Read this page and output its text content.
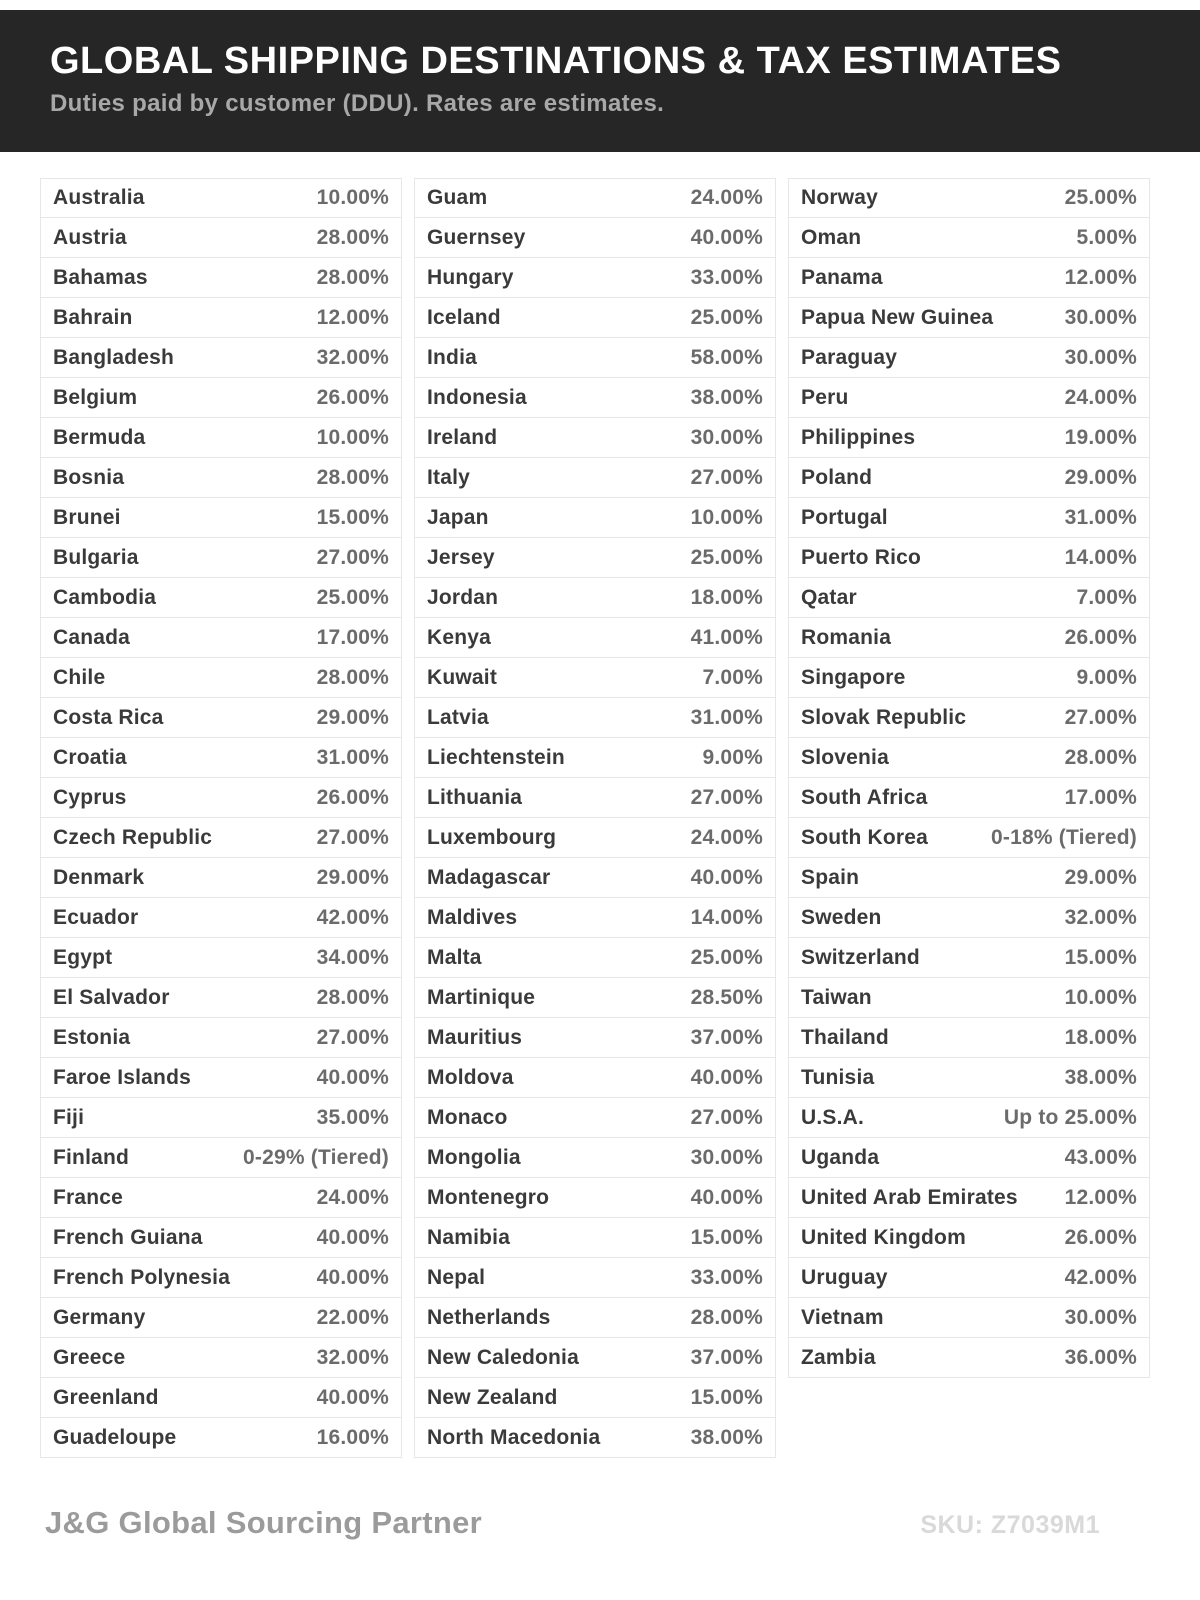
GLOBAL SHIPPING DESTINATIONS & TAX ESTIMATES
Duties paid by customer (DDU). Rates are estimates.
Australia	10.00%
Austria	28.00%
Bahamas	28.00%
Bahrain	12.00%
Bangladesh	32.00%
Belgium	26.00%
Bermuda	10.00%
Bosnia	28.00%
Brunei	15.00%
Bulgaria	27.00%
Cambodia	25.00%
Canada	17.00%
Chile	28.00%
Costa Rica	29.00%
Croatia	31.00%
Cyprus	26.00%
Czech Republic	27.00%
Denmark	29.00%
Ecuador	42.00%
Egypt	34.00%
El Salvador	28.00%
Estonia	27.00%
Faroe Islands	40.00%
Fiji	35.00%
Finland	0-29% (Tiered)
France	24.00%
French Guiana	40.00%
French Polynesia	40.00%
Germany	22.00%
Greece	32.00%
Greenland	40.00%
Guadeloupe	16.00%
Guam	24.00%
Guernsey	40.00%
Hungary	33.00%
Iceland	25.00%
India	58.00%
Indonesia	38.00%
Ireland	30.00%
Italy	27.00%
Japan	10.00%
Jersey	25.00%
Jordan	18.00%
Kenya	41.00%
Kuwait	7.00%
Latvia	31.00%
Liechtenstein	9.00%
Lithuania	27.00%
Luxembourg	24.00%
Madagascar	40.00%
Maldives	14.00%
Malta	25.00%
Martinique	28.50%
Mauritius	37.00%
Moldova	40.00%
Monaco	27.00%
Mongolia	30.00%
Montenegro	40.00%
Namibia	15.00%
Nepal	33.00%
Netherlands	28.00%
New Caledonia	37.00%
New Zealand	15.00%
North Macedonia	38.00%
Norway	25.00%
Oman	5.00%
Panama	12.00%
Papua New Guinea	30.00%
Paraguay	30.00%
Peru	24.00%
Philippines	19.00%
Poland	29.00%
Portugal	31.00%
Puerto Rico	14.00%
Qatar	7.00%
Romania	26.00%
Singapore	9.00%
Slovak Republic	27.00%
Slovenia	28.00%
South Africa	17.00%
South Korea	0-18% (Tiered)
Spain	29.00%
Sweden	32.00%
Switzerland	15.00%
Taiwan	10.00%
Thailand	18.00%
Tunisia	38.00%
U.S.A.	Up to 25.00%
Uganda	43.00%
United Arab Emirates 12.00%
United Kingdom	26.00%
Uruguay	42.00%
Vietnam	30.00%
Zambia	36.00%
J&G Global Sourcing Partner	SKU: Z7039M1
